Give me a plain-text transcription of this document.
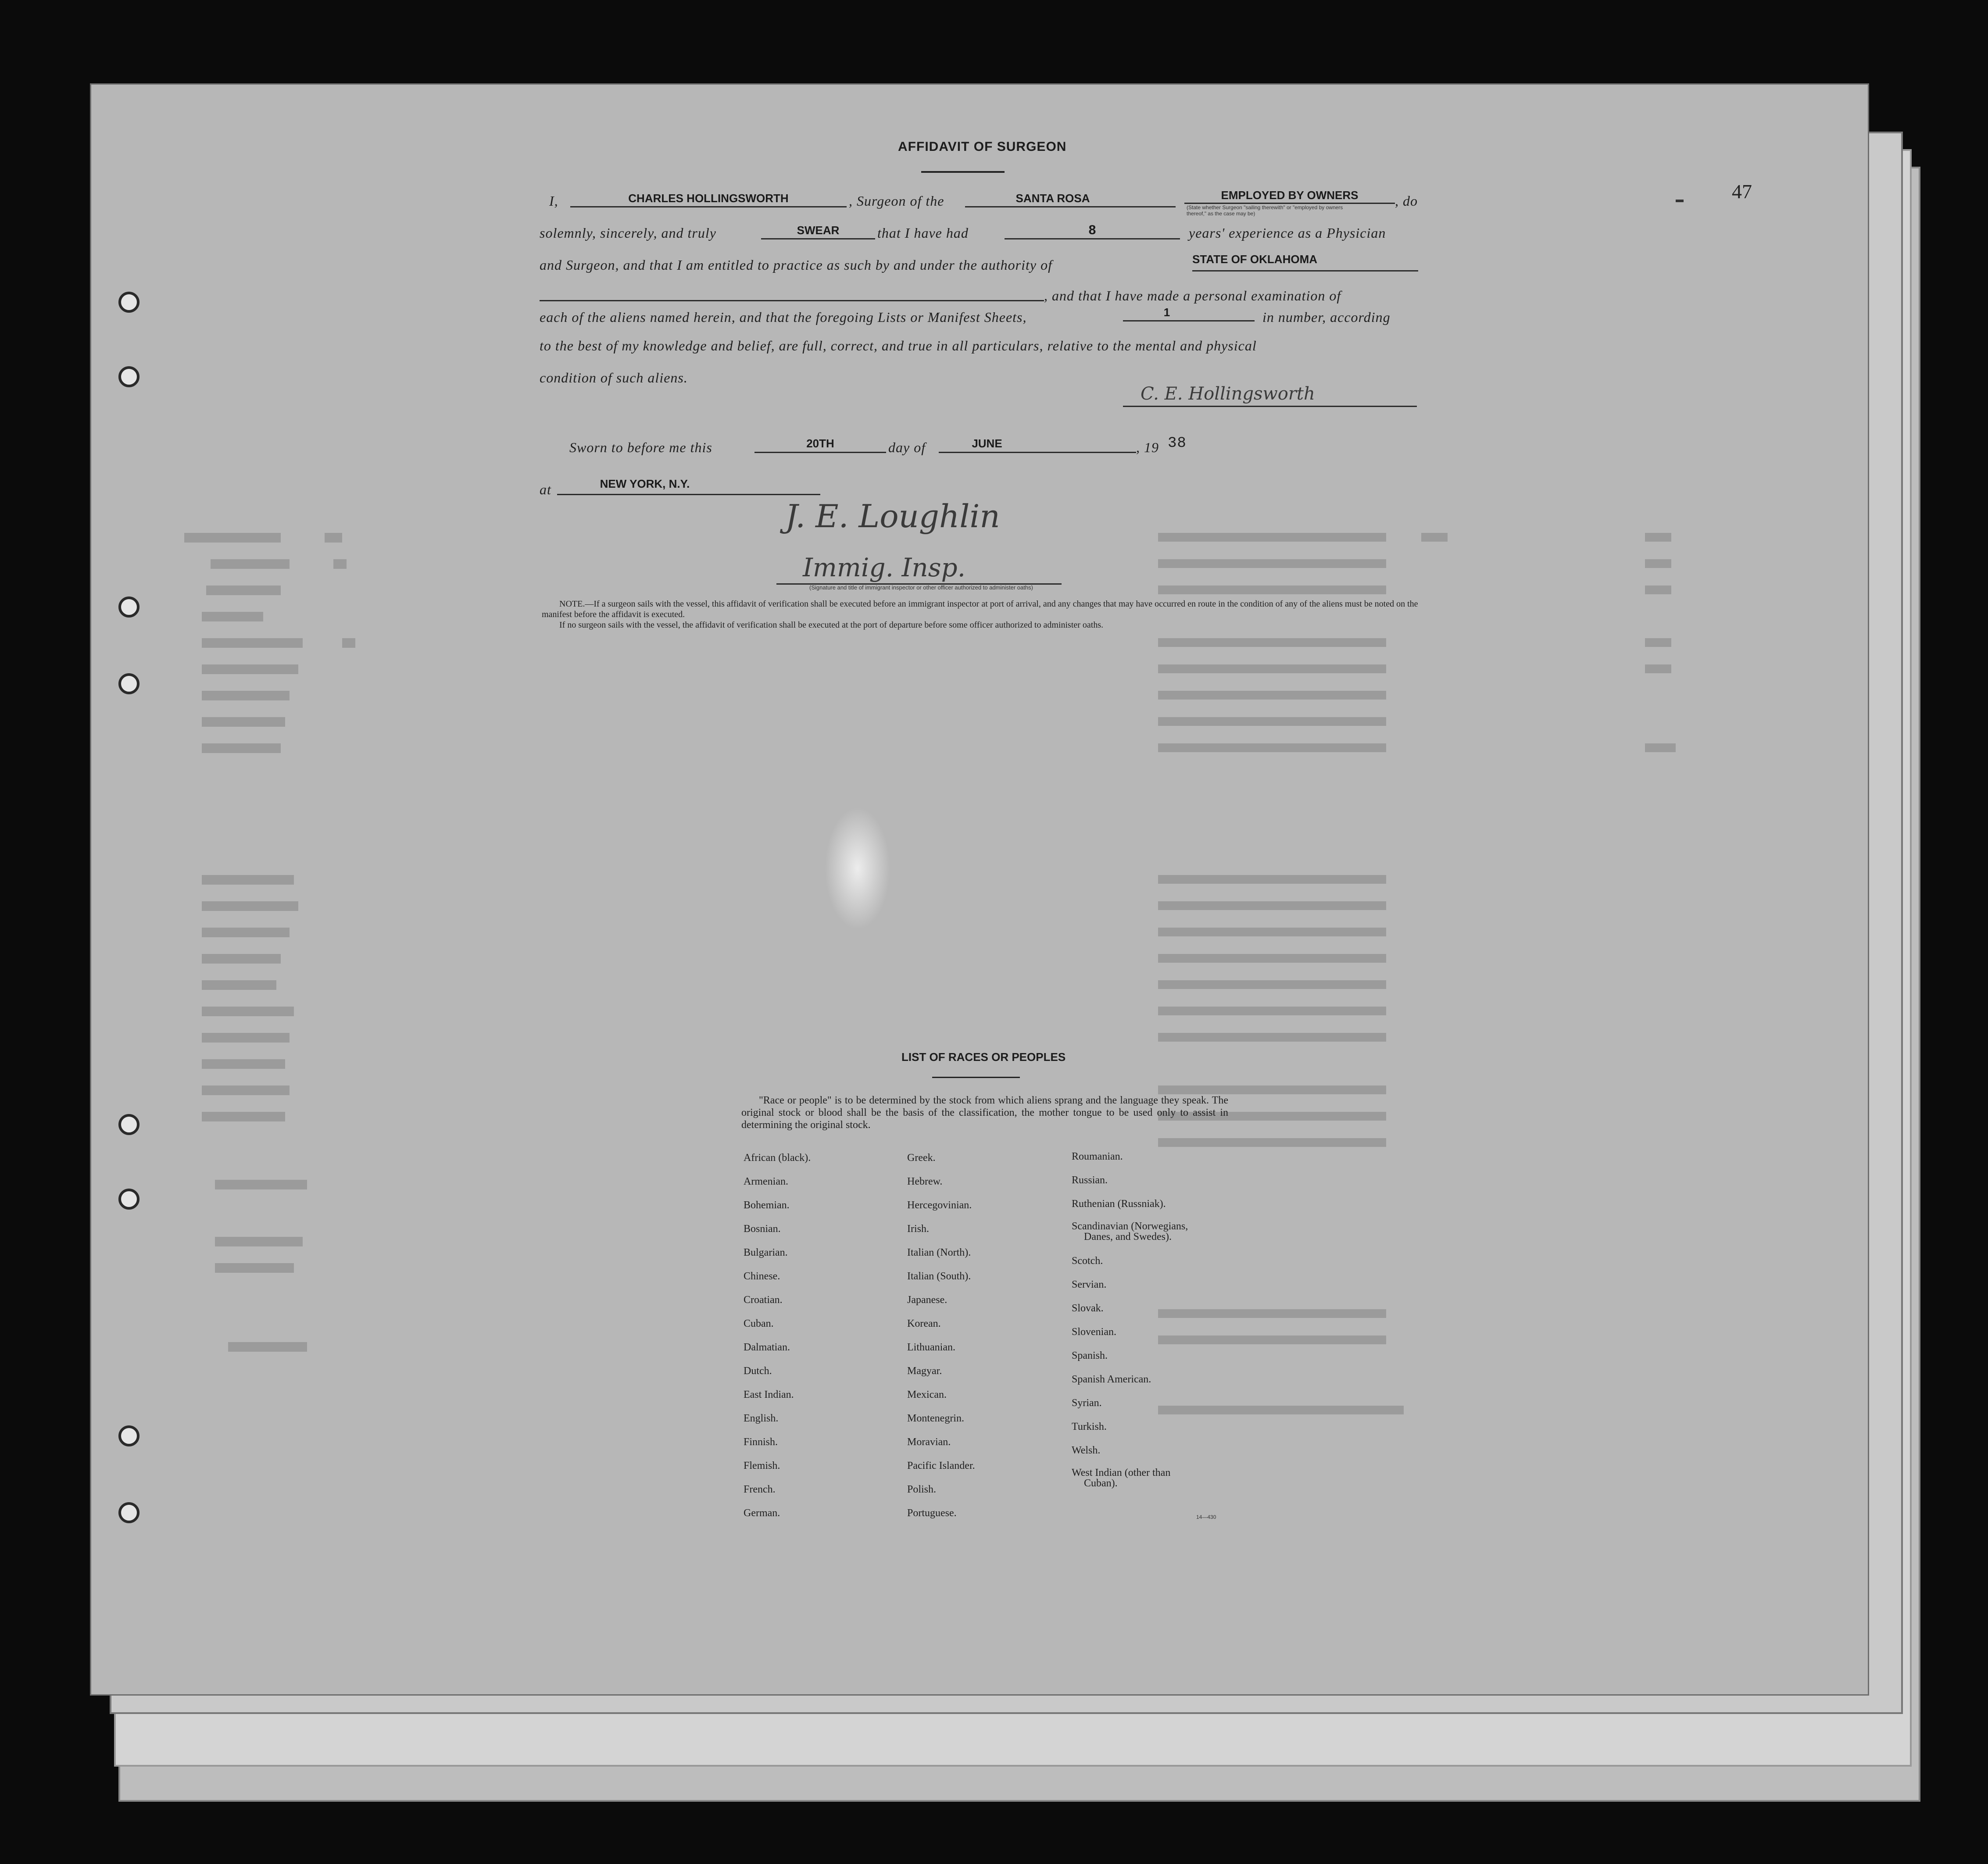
47
AFFIDAVIT OF SURGEON
I,	CHARLES HOLLINGSWORTH	, Surgeon of the	SANTA ROSA	EMPLOYED BY OWNERS
(State whether Surgeon "sailing therewith" or "employed by owners thereof," as the case may be)
, do
solemnly, sincerely, and truly	SWEAR	that I have had	8	years' experience as a Physician
and Surgeon, and that I am entitled to practice as such by and under the authority of	STATE OF OKLAHOMA
, and that I have made a personal examination of
each of the aliens named herein, and that the foregoing Lists or Manifest Sheets,	1	in number, according
to the best of my knowledge and belief, are full, correct, and true in all particulars, relative to the mental and physical
condition of such aliens.
C. E. Hollingsworth
Sworn to before me this	20TH	day of	JUNE	, 19 38
at	NEW YORK, N.Y.
J. E. Loughlin
Immig. Insp.
(Signature and title of immigrant inspector or other officer authorized to administer oaths)

NOTE.—If a surgeon sails with the vessel, this affidavit of verification shall be executed before an immigrant inspector at port of arrival, and any changes that may have occurred en route in the condition of any of the aliens must be noted on the manifest before the affidavit is executed.

If no surgeon sails with the vessel, the affidavit of verification shall be executed at the port of departure before some officer authorized to administer oaths.

LIST OF RACES OR PEOPLES

"Race or people" is to be determined by the stock from which aliens sprang and the language they speak. The original stock or blood shall be the basis of the classification, the mother tongue to be used only to assist in determining the original stock.

African (black).
Armenian.
Bohemian.
Bosnian.
Bulgarian.
Chinese.
Croatian.
Cuban.
Dalmatian.
Dutch.
East Indian.
English.
Finnish.
Flemish.
French.
German.
Greek.
Hebrew.
Hercegovinian.
Irish.
Italian (North).
Italian (South).
Japanese.
Korean.
Lithuanian.
Magyar.
Mexican.
Montenegrin.
Moravian.
Pacific Islander.
Polish.
Portuguese.
Roumanian.
Russian.
Ruthenian (Russniak).
Scandinavian (Norwegians,
Danes, and Swedes).
Scotch.
Servian.
Slovak.
Slovenian.
Spanish.
Spanish American.
Syrian.
Turkish.
Welsh.
West Indian (other than
Cuban).
14—430
